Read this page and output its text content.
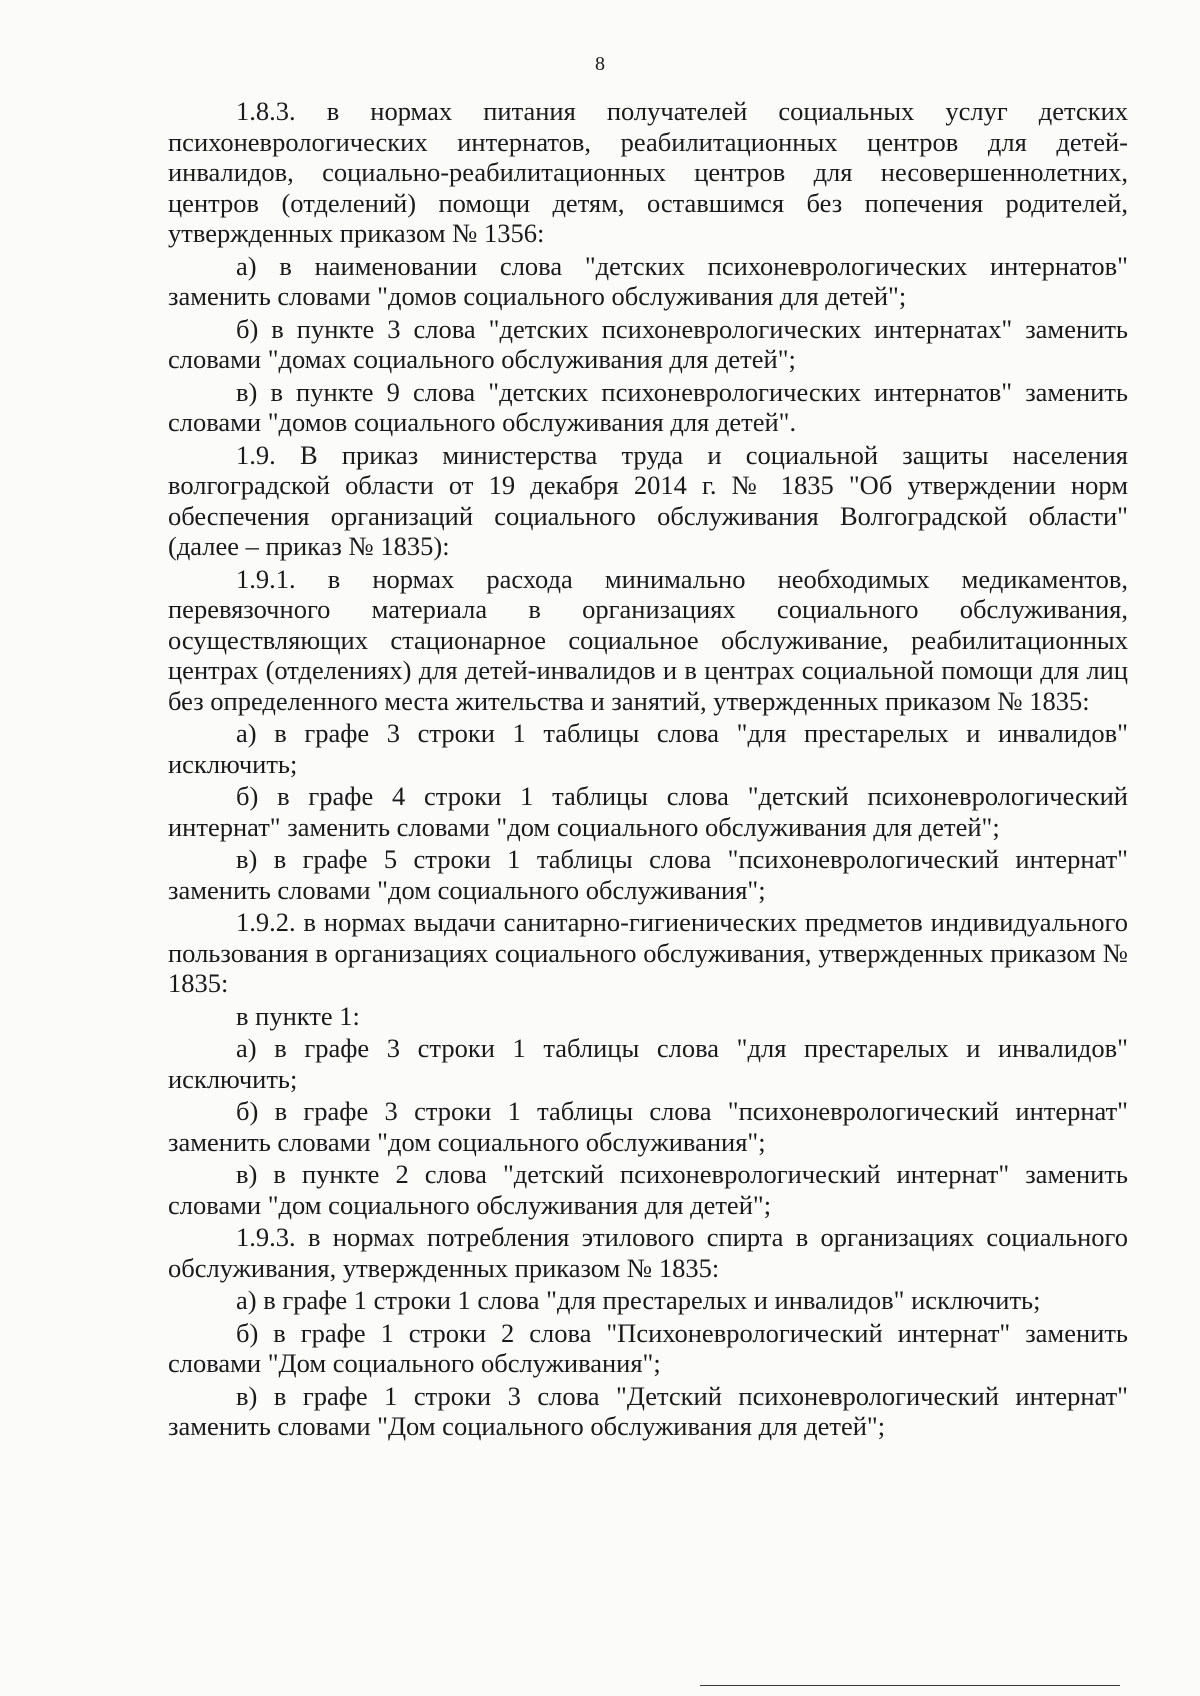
8

1.8.3. в нормах питания получателей социальных услуг детских психоневрологических интернатов, реабилитационных центров для детей-инвалидов, социально-реабилитационных центров для несовершеннолетних, центров (отделений) помощи детям, оставшимся без попечения родителей, утвержденных приказом № 1356:

а) в наименовании слова "детских психоневрологических интернатов" заменить словами "домов социального обслуживания для детей";

б) в пункте 3 слова "детских психоневрологических интернатах" заменить словами "домах социального обслуживания для детей";

в) в пункте 9 слова "детских психоневрологических интернатов" заменить словами "домов социального обслуживания для детей".

1.9. В приказ министерства труда и социальной защиты населения волгоградской области от 19 декабря 2014 г. № 1835 "Об утверждении норм обеспечения организаций социального обслуживания Волгоградской области" (далее – приказ № 1835):

1.9.1. в нормах расхода минимально необходимых медикаментов, перевязочного материала в организациях социального обслуживания, осуществляющих стационарное социальное обслуживание, реабилитационных центрах (отделениях) для детей-инвалидов и в центрах социальной помощи для лиц без определенного места жительства и занятий, утвержденных приказом № 1835:

а) в графе 3 строки 1 таблицы слова "для престарелых и инвалидов" исключить;

б) в графе 4 строки 1 таблицы слова "детский психоневрологический интернат" заменить словами "дом социального обслуживания для детей";

в) в графе 5 строки 1 таблицы слова "психоневрологический интернат" заменить словами "дом социального обслуживания";

1.9.2. в нормах выдачи санитарно-гигиенических предметов индивидуального пользования в организациях социального обслуживания, утвержденных приказом № 1835:

в пункте 1:

а) в графе 3 строки 1 таблицы слова "для престарелых и инвалидов" исключить;

б) в графе 3 строки 1 таблицы слова "психоневрологический интернат" заменить словами "дом социального обслуживания";

в) в пункте 2 слова "детский психоневрологический интернат" заменить словами "дом социального обслуживания для детей";

1.9.3. в нормах потребления этилового спирта в организациях социального обслуживания, утвержденных приказом № 1835:

а) в графе 1 строки 1 слова "для престарелых и инвалидов" исключить;

б) в графе 1 строки 2 слова "Психоневрологический интернат" заменить словами "Дом социального обслуживания";

в) в графе 1 строки 3 слова "Детский психоневрологический интернат" заменить словами "Дом социального обслуживания для детей";
